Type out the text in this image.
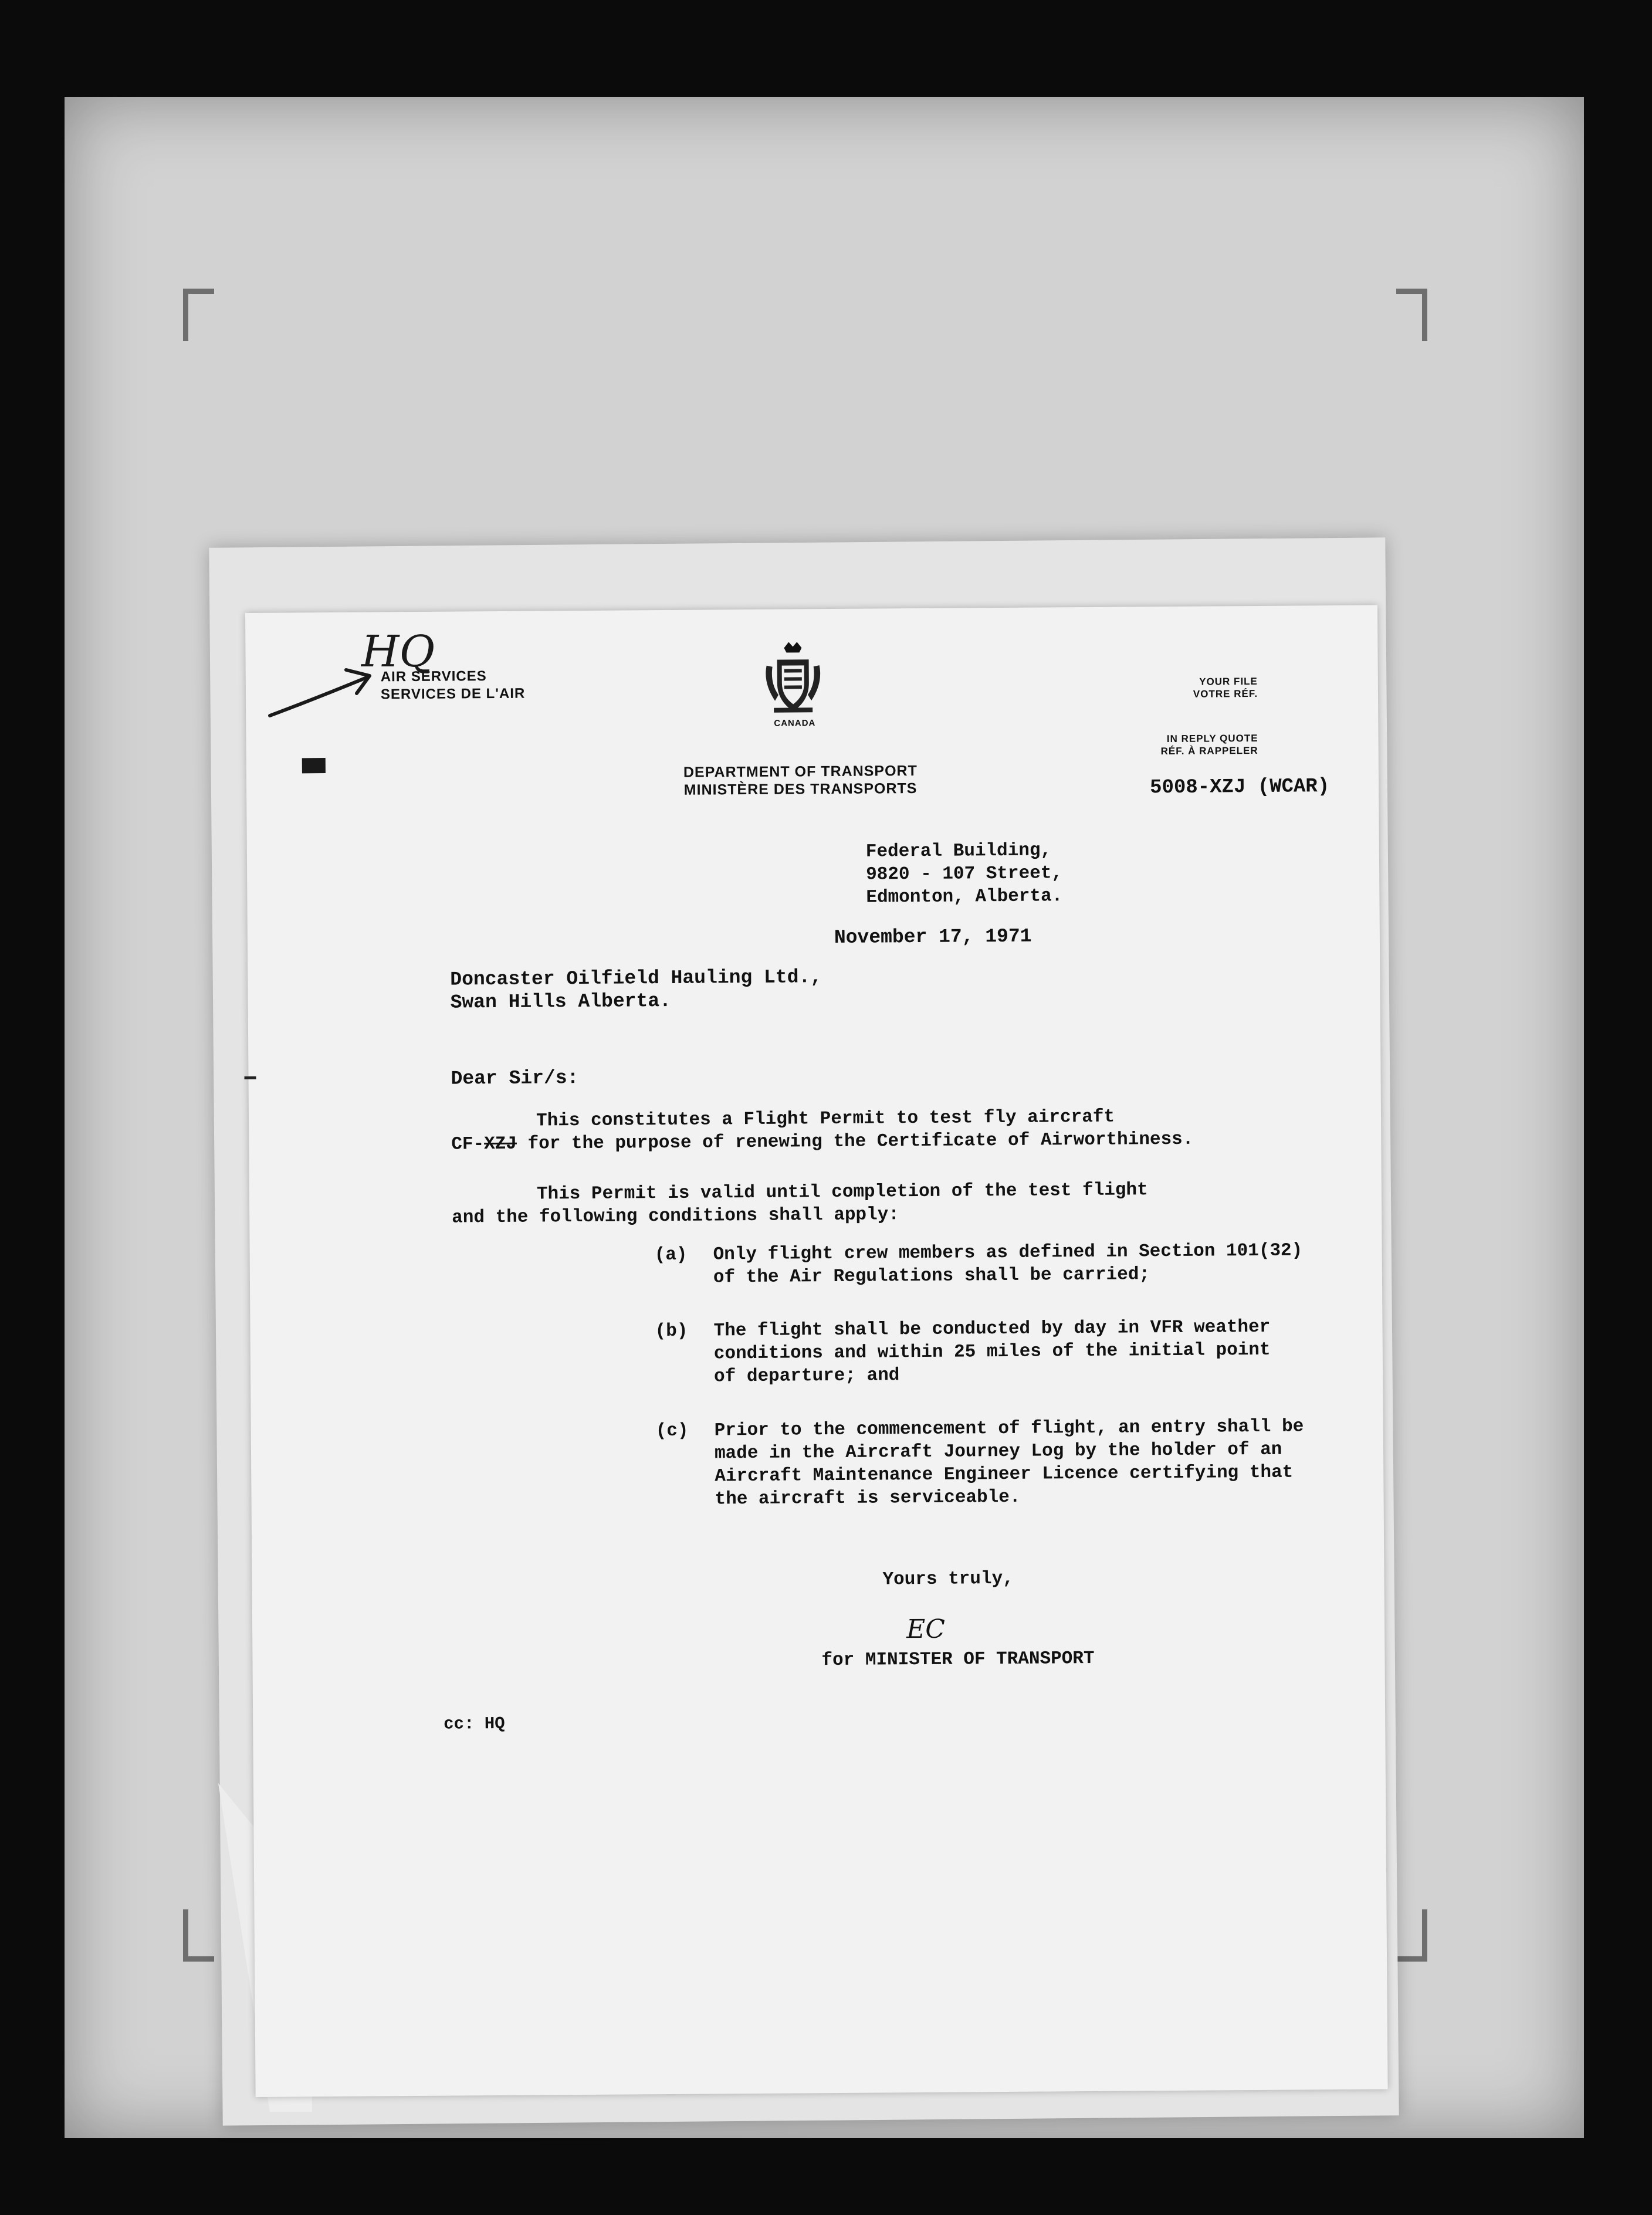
AIR SERVICES
SERVICES DE L'AIR
CANADA
DEPARTMENT OF TRANSPORT
MINISTÈRE DES TRANSPORTS
YOUR FILE
VOTRE RÉF.
IN REPLY QUOTE
RÉF. À RAPPELER
5008-XZJ (WCAR)
Federal Building,
9820 - 107 Street,
Edmonton, Alberta.
November 17, 1971
Doncaster Oilfield Hauling Ltd.,
Swan Hills Alberta.
Dear Sir/s:
This constitutes a Flight Permit to test fly aircraft
CF-XZJ for the purpose of renewing the Certificate of Airworthiness.
This Permit is valid until completion of the test flight
and the following conditions shall apply:
(a) Only flight crew members as defined in Section 101(32)
of the Air Regulations shall be carried;
(b) The flight shall be conducted by day in VFR weather
conditions and within 25 miles of the initial point
of departure; and
(c) Prior to the commencement of flight, an entry shall be
made in the Aircraft Journey Log by the holder of an
Aircraft Maintenance Engineer Licence certifying that
the aircraft is serviceable.
Yours truly,
EC
for MINISTER OF TRANSPORT
cc: HQ
HQ
